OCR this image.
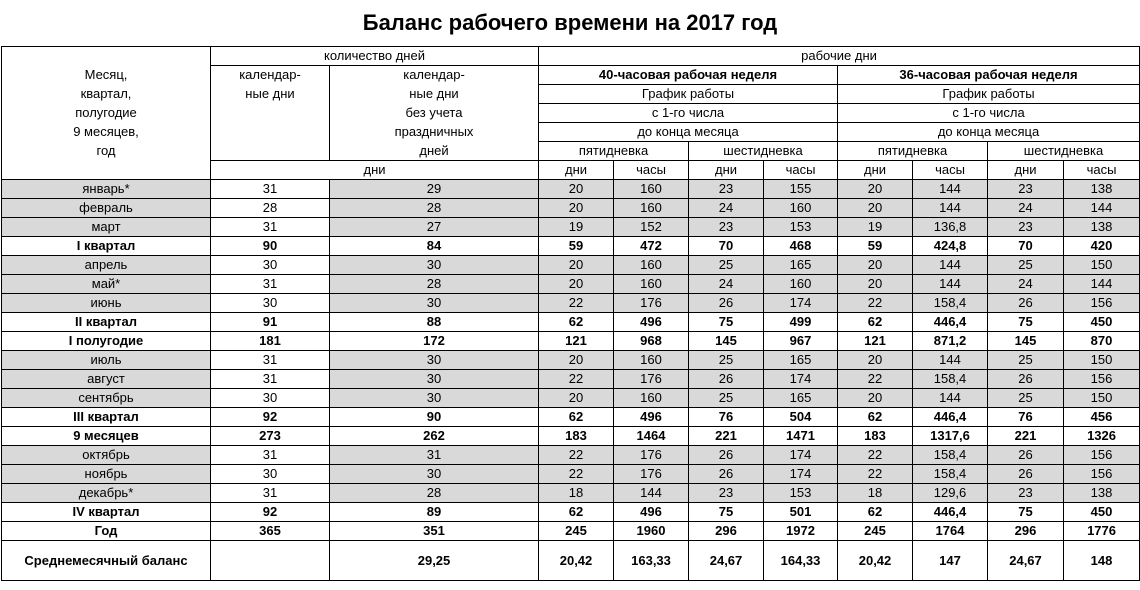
Баланс рабочего времени на 2017 год
	количество дней		рабочие дни							
Месяц,	календар-	календар-	40-часовая рабочая неделя				36-часовая рабочая неделя			
квартал,	ные дни	ные дни	График работы				График работы			
полугодие		без учета	с 1-го числа				с 1-го числа			
9 месяцев,		праздничных	до конца месяца				до конца месяца			
год		дней	пятидневка		шестидневка		пятидневка		шестидневка	
	дни		дни	часы	дни	часы	дни	часы	дни	часы
январь*	31	29	20	160	23	155	20	144	23	138
февраль	28	28	20	160	24	160	20	144	24	144
март	31	27	19	152	23	153	19	136,8	23	138
I квартал	90	84	59	472	70	468	59	424,8	70	420
апрель	30	30	20	160	25	165	20	144	25	150
май*	31	28	20	160	24	160	20	144	24	144
июнь	30	30	22	176	26	174	22	158,4	26	156
II квартал	91	88	62	496	75	499	62	446,4	75	450
I полугодие	181	172	121	968	145	967	121	871,2	145	870
июль	31	30	20	160	25	165	20	144	25	150
август	31	30	22	176	26	174	22	158,4	26	156
сентябрь	30	30	20	160	25	165	20	144	25	150
III квартал	92	90	62	496	76	504	62	446,4	76	456
9 месяцев	273	262	183	1464	221	1471	183	1317,6	221	1326
октябрь	31	31	22	176	26	174	22	158,4	26	156
ноябрь	30	30	22	176	26	174	22	158,4	26	156
декабрь*	31	28	18	144	23	153	18	129,6	23	138
IV квартал	92	89	62	496	75	501	62	446,4	75	450
Год	365	351	245	1960	296	1972	245	1764	296	1776
Среднемесячный баланс		29,25	20,42	163,33	24,67	164,33	20,42	147	24,67	148
